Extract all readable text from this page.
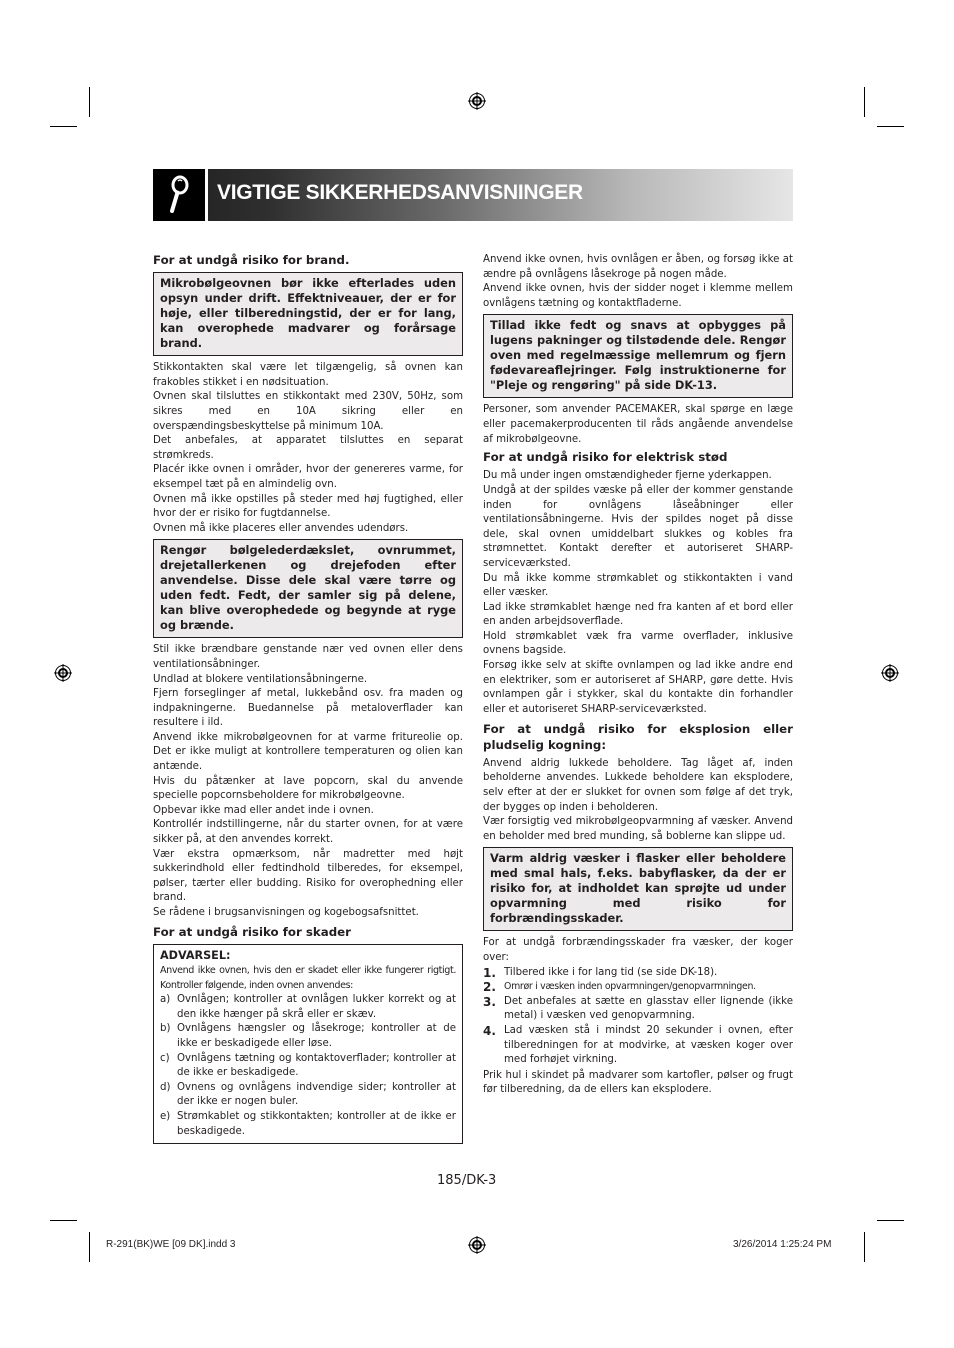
VIGTIGE SIKKERHEDSANVISNINGER

For at undgå risiko for brand.

Mikrobølgeovnen bør ikke efterlades uden opsyn under drift. Effektniveauer, der er for høje, eller tilberedningstid, der er for lang, kan overophede madvarer og forårsage brand.

Stikkontakten skal være let tilgængelig, så ovnen kan frakobles stikket i en nødsituation.

Ovnen skal tilsluttes en stikkontakt med 230V, 50Hz, som sikres med en 10A sikring eller en overspændingsbeskyttelse på minimum 10A.

Det anbefales, at apparatet tilsluttes en separat strømkreds.

Placér ikke ovnen i områder, hvor der genereres varme, for eksempel tæt på en almindelig ovn.

Ovnen må ikke opstilles på steder med høj fugtighed, eller hvor der er risiko for fugtdannelse.

Ovnen må ikke placeres eller anvendes udendørs.

Rengør bølgelederdækslet, ovnrummet, drejetallerkenen og drejefoden efter anvendelse. Disse dele skal være tørre og uden fedt. Fedt, der samler sig på delene, kan blive overophedede og begynde at ryge og brænde.

Stil ikke brændbare genstande nær ved ovnen eller dens ventilationsåbninger.

Undlad at blokere ventilationsåbningerne.

Fjern forseglinger af metal, lukkebånd osv. fra maden og indpakningerne. Buedannelse på metaloverflader kan resultere i ild.

Anvend ikke mikrobølgeovnen for at varme fritureolie op. Det er ikke muligt at kontrollere temperaturen og olien kan antænde.

Hvis du påtænker at lave popcorn, skal du anvende specielle popcornsbeholdere for mikrobølgeovne.

Opbevar ikke mad eller andet inde i ovnen.

Kontrollér indstillingerne, når du starter ovnen, for at være sikker på, at den anvendes korrekt.

Vær ekstra opmærksom, når madretter med højt sukkerindhold eller fedtindhold tilberedes, for eksempel, pølser, tærter eller budding. Risiko for overophedning eller brand.

Se rådene i brugsanvisningen og kogebogsafsnittet.

For at undgå risiko for skader

ADVARSEL:

Anvend ikke ovnen, hvis den er skadet eller ikke fungerer rigtigt. Kontroller følgende, inden ovnen anvendes:

a) Ovnlågen; kontroller at ovnlågen lukker korrekt og at den ikke hænger på skrå eller er skæv.
b) Ovnlågens hængsler og låsekroge; kontroller at de ikke er beskadigede eller løse.
c) Ovnlågens tætning og kontaktoverflader; kontroller at de ikke er beskadigede.
d) Ovnens og ovnlågens indvendige sider; kontroller at der ikke er nogen buler.
e) Strømkablet og stikkontakten; kontroller at de ikke er beskadigede.

Anvend ikke ovnen, hvis ovnlågen er åben, og forsøg ikke at ændre på ovnlågens låsekroge på nogen måde.

Anvend ikke ovnen, hvis der sidder noget i klemme mellem ovnlågens tætning og kontaktfladerne.

Tillad ikke fedt og snavs at opbygges på lugens pakninger og tilstødende dele. Rengør oven med regelmæssige mellemrum og fjern fødevareaflejringer. Følg instruktionerne for "Pleje og rengøring" på side DK-13.

Personer, som anvender PACEMAKER, skal spørge en læge eller pacemakerproducenten til råds angående anvendelse af mikrobølgeovne.

For at undgå risiko for elektrisk stød

Du må under ingen omstændigheder fjerne yderkappen.

Undgå at der spildes væske på eller der kommer genstande inden for ovnlågens låseåbninger eller ventilationsåbningerne. Hvis der spildes noget på disse dele, skal ovnen umiddelbart slukkes og kobles fra strømnettet. Kontakt derefter et autoriseret SHARP-serviceværksted.

Du må ikke komme strømkablet og stikkontakten i vand eller væsker.

Lad ikke strømkablet hænge ned fra kanten af et bord eller en anden arbejdsoverflade.

Hold strømkablet væk fra varme overflader, inklusive ovnens bagside.

Forsøg ikke selv at skifte ovnlampen og lad ikke andre end en elektriker, som er autoriseret af SHARP, gøre dette. Hvis ovnlampen går i stykker, skal du kontakte din forhandler eller et autoriseret SHARP-serviceværksted.

For at undgå risiko for eksplosion eller pludselig kogning:

Anvend aldrig lukkede beholdere. Tag låget af, inden beholderne anvendes. Lukkede beholdere kan eksplodere, selv efter at der er slukket for ovnen som følge af det tryk, der bygges op inden i beholderen.

Vær forsigtig ved mikrobølgeopvarmning af væsker. Anvend en beholder med bred munding, så boblerne kan slippe ud.

Varm aldrig væsker i flasker eller beholdere med smal hals, f.eks. babyflasker, da der er risiko for, at indholdet kan sprøjte ud under opvarmning med risiko for forbrændingsskader.

For at undgå forbrændingsskader fra væsker, der koger over:

1. Tilbered ikke i for lang tid (se side DK-18).
2. Omrør i væsken inden opvarmningen/genopvarmningen.
3. Det anbefales at sætte en glasstav eller lignende (ikke metal) i væsken ved genopvarmning.
4. Lad væsken stå i mindst 20 sekunder i ovnen, efter tilberedningen for at modvirke, at væsken koger over med forhøjet virkning.

Prik hul i skindet på madvarer som kartofler, pølser og frugt før tilberedning, da de ellers kan eksplodere.

185/DK-3
R-291(BK)WE [09 DK].indd 3	3/26/2014 1:25:24 PM
